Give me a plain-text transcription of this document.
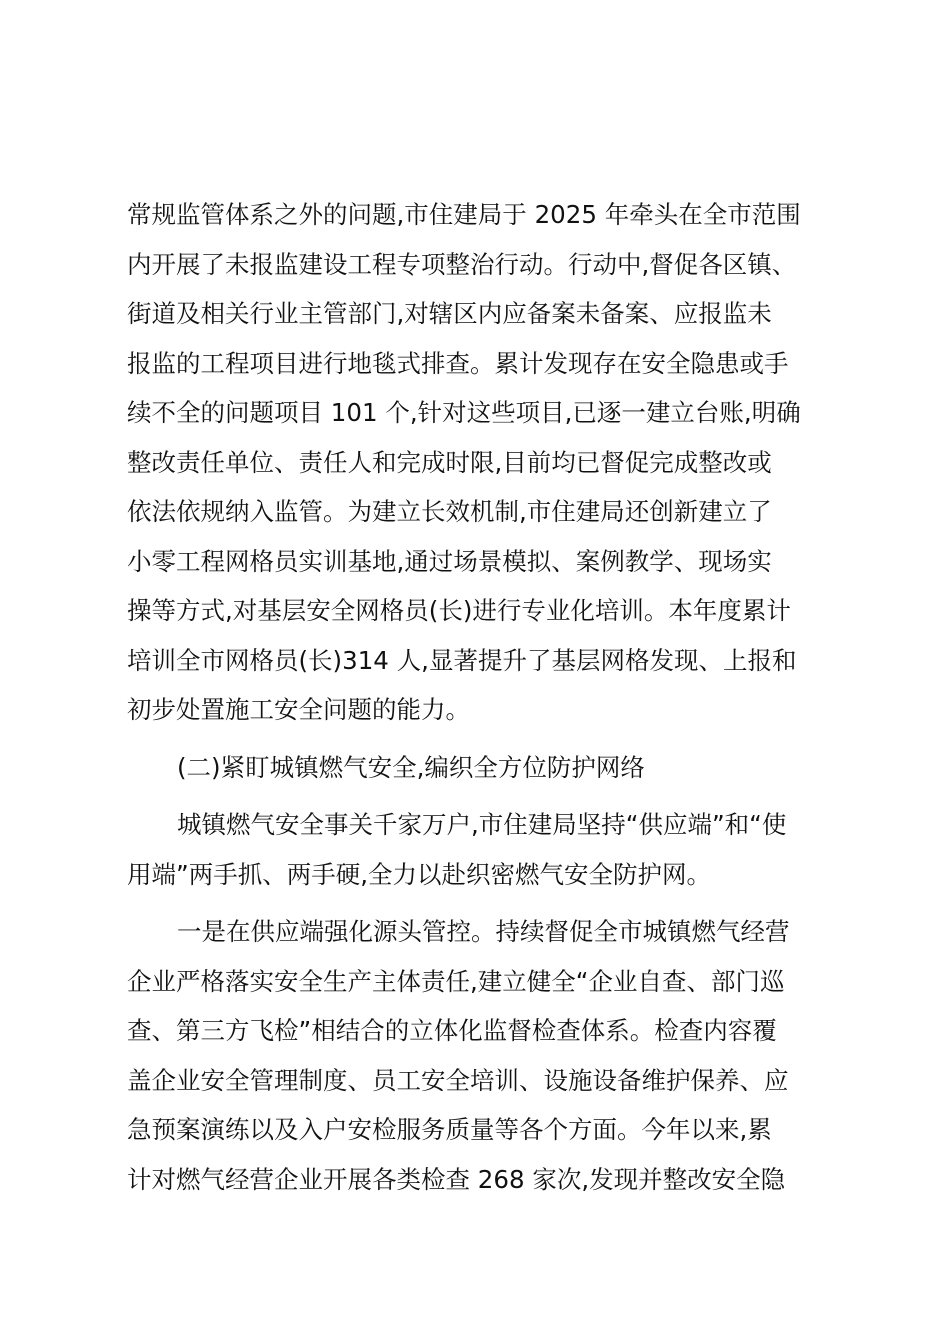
常规监管体系之外的问题,市住建局于 2025 年牵头在全市范围
内开展了未报监建设工程专项整治行动。行动中,督促各区镇、
街道及相关行业主管部门,对辖区内应备案未备案、应报监未
报监的工程项目进行地毯式排查。累计发现存在安全隐患或手
续不全的问题项目 101 个,针对这些项目,已逐一建立台账,明确
整改责任单位、责任人和完成时限,目前均已督促完成整改或
依法依规纳入监管。为建立长效机制,市住建局还创新建立了
小零工程网格员实训基地,通过场景模拟、案例教学、现场实
操等方式,对基层安全网格员(长)进行专业化培训。本年度累计
培训全市网格员(长)314 人,显著提升了基层网格发现、上报和
初步处置施工安全问题的能力。
(二)紧盯城镇燃气安全,编织全方位防护网络
城镇燃气安全事关千家万户,市住建局坚持“供应端”和“使
用端”两手抓、两手硬,全力以赴织密燃气安全防护网。
一是在供应端强化源头管控。持续督促全市城镇燃气经营
企业严格落实安全生产主体责任,建立健全“企业自查、部门巡
查、第三方飞检”相结合的立体化监督检查体系。检查内容覆
盖企业安全管理制度、员工安全培训、设施设备维护保养、应
急预案演练以及入户安检服务质量等各个方面。今年以来,累
计对燃气经营企业开展各类检查 268 家次,发现并整改安全隐
